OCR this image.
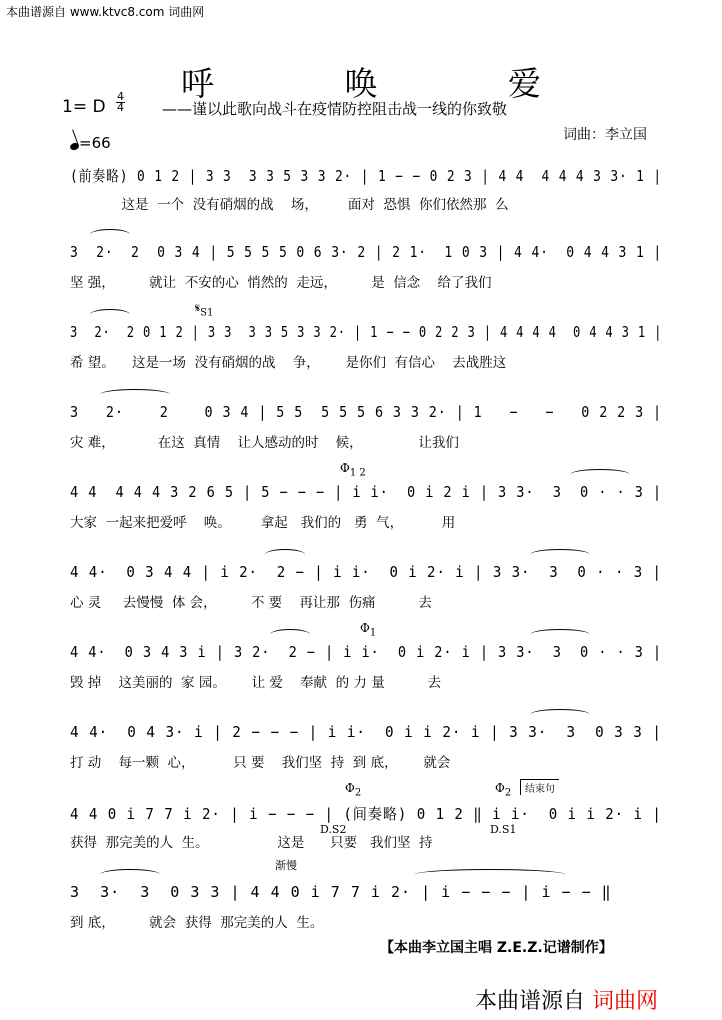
本曲谱源自 www.ktvc8.com 词曲网
呼 唤 爱
1= D
4
4	——谨以此歌向战斗在疫情防控阻击战一线的你致敬
词曲：李立国
=66
(前奏略) 0 1 2 | 3 3  3 3 5 3 3 2· | 1 − − 0 2 3 | 4 4  4 4 4 3 3· 1 |
这是  一个  没有硝烟的战    场，       面对  恐惧  你们依然那  么
3  2·  2  0 3 4 | 5 5 5 5 0 6 3· 2 | 2 1·  1 0 3 | 4 4·  0 4 4 3 1 |
坚 强，        就让  不安的心  悄然的  走远，        是  信念    给了我们
$𝄋_{S1}$
3  2·  2 0 1 2 | 3 3  3 3 5 3 3 2· | 1 − − 0 2 2 3 | 4 4 4 4  0 4 4 3 1 |
希 望。    这是一场  没有硝烟的战    争，      是你们  有信心    去战胜这
3   2·    2    0 3 4 | 5 5  5 5 5 6 3 3 2· | 1   −   −   0 2 2 3 |
灾 难，          在这  真情    让人感动的时    候，             让我们
$\Phi_{1 2}$
4 4  4 4 4 3 2 6 5 | 5 − − − | i i·  0 i 2 i | 3 3·  3  0 · · 3 |
大家  一起来把爱呼    唤。       拿起   我们的   勇  气，         用
4 4·  0 3 4 4 | i 2·  2 − | i i·  0 i 2· i | 3 3·  3  0 · · 3 |
心 灵     去慢慢  体 会，        不 要    再让那  伤痛          去
$\Phi_1$
4 4·  0 3 4 3 i | 3 2·  2 − | i i·  0 i 2· i | 3 3·  3  0 · · 3 |
毁 掉    这美丽的  家 园。      让 爱    奉献  的 力 量          去
4 4·  0 4 3· i | 2 − − − | i i·  0 i i 2· i | 3 3·  3  0 3 3 |
打 动    每一颗  心，         只 要    我们坚  持  到 底，      就会
$\Phi_2$	$\Phi_2$	结束句
D.S2	D.S1
4 4 0 i 7 7 i 2· | i − − − | (间奏略) 0 1 2 ‖ i i·  0 i i 2· i |
获得  那完美的人  生。                这是      只要   我们坚  持
渐慢
3  3·  3  0 3 3 | 4 4 0 i 7 7 i 2· | i − − − | i − − ‖
到 底，        就会  获得  那完美的人  生。
【本曲李立国主唱 Z.E.Z.记谱制作】
本曲谱源自 词曲网
